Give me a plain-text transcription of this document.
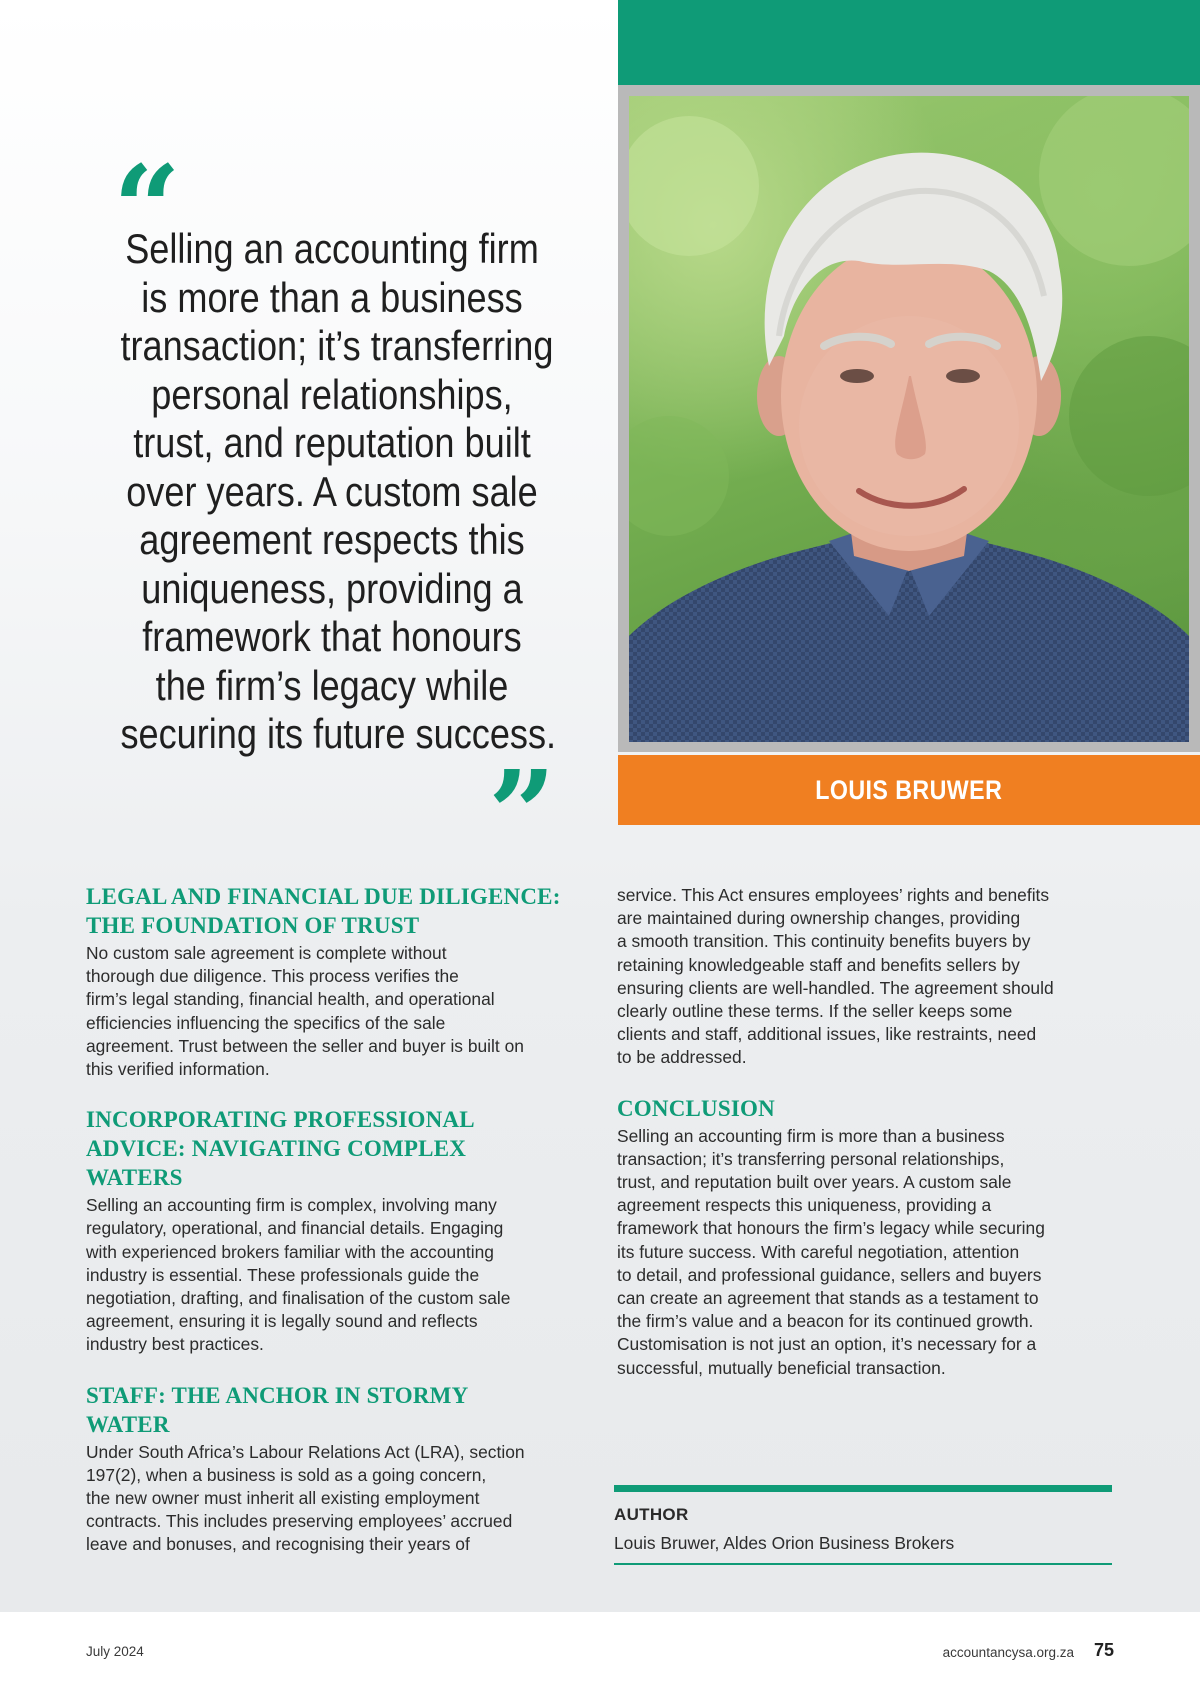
LOUIS BRUWER
“
Selling an accounting firm
is more than a business
transaction; it’s transferring
personal relationships,
trust, and reputation built
over years. A custom sale
agreement respects this
uniqueness, providing a
framework that honours
the firm’s legacy while
securing its future success.
”
LEGAL AND FINANCIAL DUE DILIGENCE:
THE FOUNDATION OF TRUST
No custom sale agreement is complete without
thorough due diligence. This process verifies the
firm’s legal standing, financial health, and operational
efficiencies influencing the specifics of the sale
agreement. Trust between the seller and buyer is built on
this verified information.
INCORPORATING PROFESSIONAL
ADVICE: NAVIGATING COMPLEX
WATERS
Selling an accounting firm is complex, involving many
regulatory, operational, and financial details. Engaging
with experienced brokers familiar with the accounting
industry is essential. These professionals guide the
negotiation, drafting, and finalisation of the custom sale
agreement, ensuring it is legally sound and reflects
industry best practices.
STAFF: THE ANCHOR IN STORMY
WATER
Under South Africa’s Labour Relations Act (LRA), section
197(2), when a business is sold as a going concern,
the new owner must inherit all existing employment
contracts. This includes preserving employees’ accrued
leave and bonuses, and recognising their years of
service. This Act ensures employees’ rights and benefits
are maintained during ownership changes, providing
a smooth transition. This continuity benefits buyers by
retaining knowledgeable staff and benefits sellers by
ensuring clients are well-handled. The agreement should
clearly outline these terms. If the seller keeps some
clients and staff, additional issues, like restraints, need
to be addressed.
CONCLUSION
Selling an accounting firm is more than a business
transaction; it’s transferring personal relationships,
trust, and reputation built over years. A custom sale
agreement respects this uniqueness, providing a
framework that honours the firm’s legacy while securing
its future success. With careful negotiation, attention
to detail, and professional guidance, sellers and buyers
can create an agreement that stands as a testament to
the firm’s value and a beacon for its continued growth.
Customisation is not just an option, it’s necessary for a
successful, mutually beneficial transaction.
AUTHOR
Louis Bruwer, Aldes Orion Business Brokers
July 2024	accountancysa.org.za 75
